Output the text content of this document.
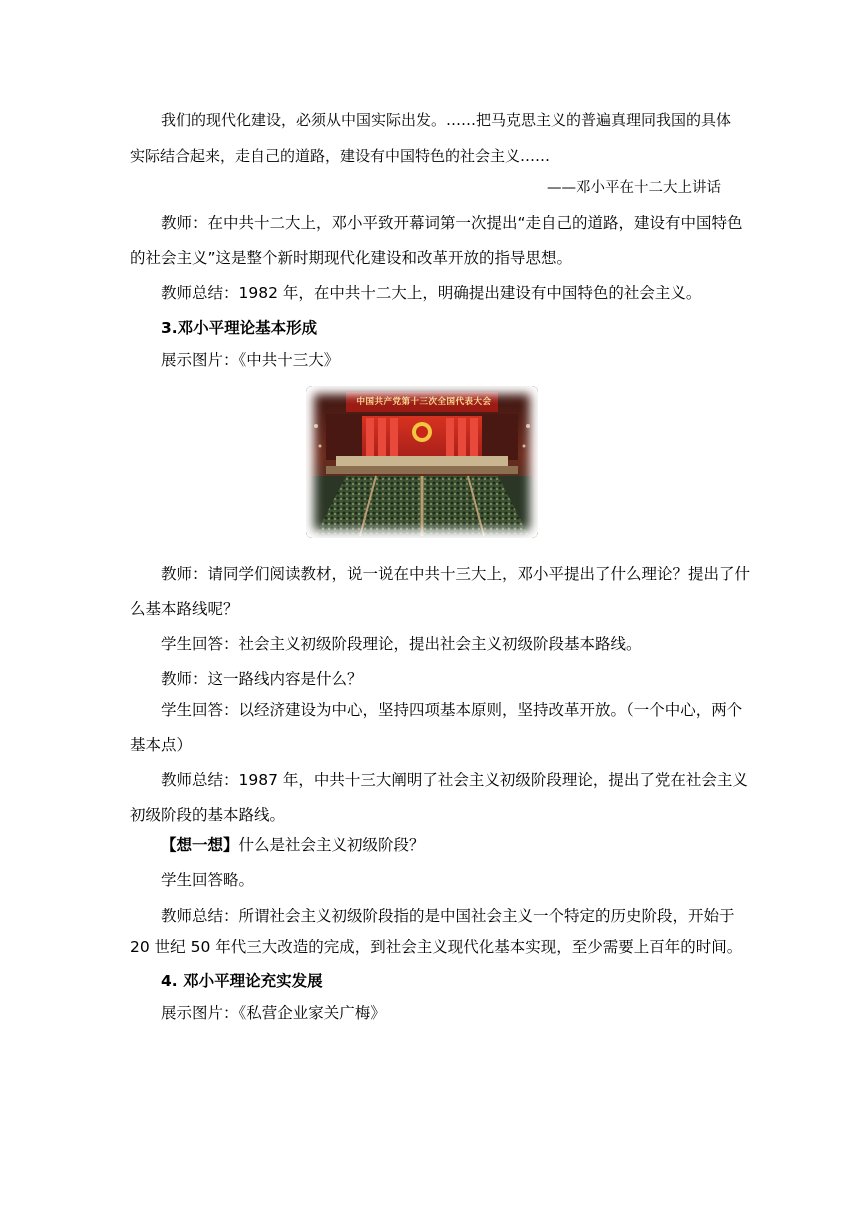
我们的现代化建设，必须从中国实际出发。……把马克思主义的普遍真理同我国的具体
实际结合起来，走自己的道路，建设有中国特色的社会主义……
——邓小平在十二大上讲话
教师：在中共十二大上，邓小平致开幕词第一次提出“走自己的道路，建设有中国特色
的社会主义”这是整个新时期现代化建设和改革开放的指导思想。
教师总结：1982 年，在中共十二大上，明确提出建设有中国特色的社会主义。
3.邓小平理论基本形成
展示图片：《中共十三大》
中国共产党第十三次全国代表大会
教师：请同学们阅读教材，说一说在中共十三大上，邓小平提出了什么理论？提出了什
么基本路线呢？
学生回答：社会主义初级阶段理论，提出社会主义初级阶段基本路线。
教师：这一路线内容是什么？
学生回答：以经济建设为中心，坚持四项基本原则，坚持改革开放。（一个中心，两个
基本点）
教师总结：1987 年，中共十三大阐明了社会主义初级阶段理论，提出了党在社会主义
初级阶段的基本路线。
【想一想】什么是社会主义初级阶段？
学生回答略。
教师总结：所谓社会主义初级阶段指的是中国社会主义一个特定的历史阶段，开始于
20 世纪 50 年代三大改造的完成，到社会主义现代化基本实现，至少需要上百年的时间。
4. 邓小平理论充实发展
展示图片：《私营企业家关广梅》
